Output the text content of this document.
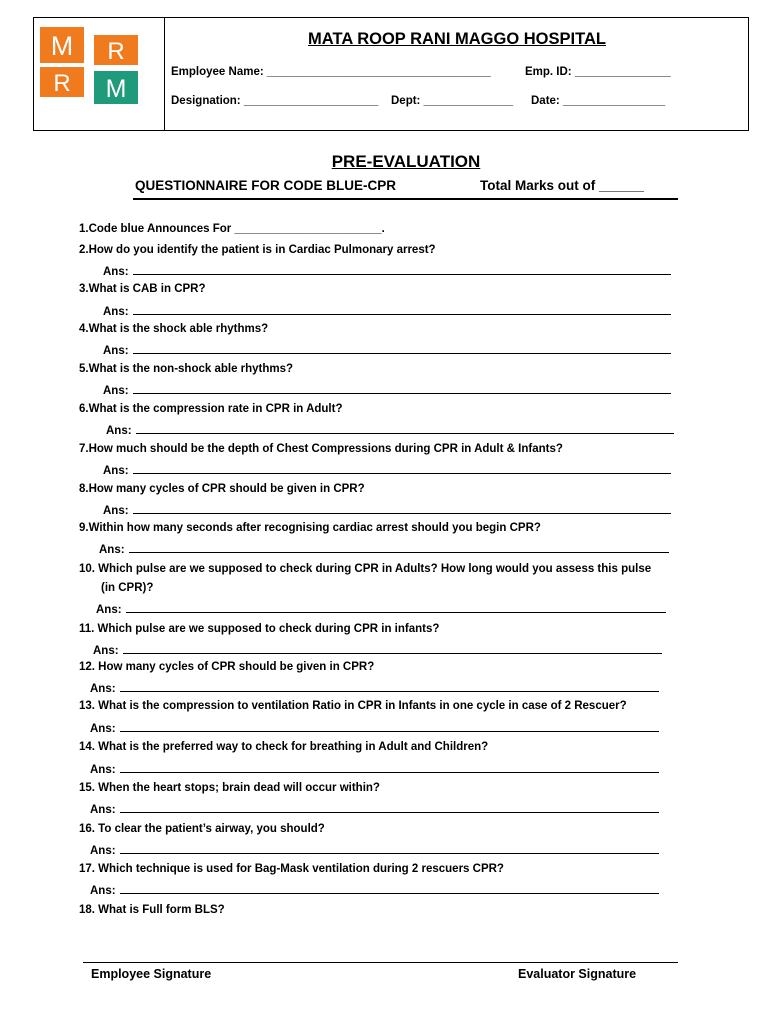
M R
R M
MATA ROOP RANI MAGGO HOSPITAL
Employee Name: ___________________________________	Emp. ID: _______________
Designation: _____________________ Dept: ______________ Date: ________________
PRE-EVALUATION
QUESTIONNAIRE FOR CODE BLUE-CPR	Total Marks out of ______
1.Code blue Announces For _______________________.
2.How do you identify the patient is in Cardiac Pulmonary arrest?
Ans:
3.What is CAB in CPR?
Ans:
4.What is the shock able rhythms?
Ans:
5.What is the non-shock able rhythms?
Ans:
6.What is the compression rate in CPR in Adult?
Ans:
7.How much should be the depth of Chest Compressions during CPR in Adult & Infants?
Ans:
8.How many cycles of CPR should be given in CPR?
Ans:
9.Within how many seconds after recognising cardiac arrest should you begin CPR?
Ans:
10. Which pulse are we supposed to check during CPR in Adults? How long would you assess this pulse
(in CPR)?
Ans:
11. Which pulse are we supposed to check during CPR in infants?
Ans:
12. How many cycles of CPR should be given in CPR?
Ans:
13. What is the compression to ventilation Ratio in CPR in Infants in one cycle in case of 2 Rescuer?
Ans:
14. What is the preferred way to check for breathing in Adult and Children?
Ans:
15. When the heart stops; brain dead will occur within?
Ans:
16. To clear the patient’s airway, you should?
Ans:
17. Which technique is used for Bag-Mask ventilation during 2 rescuers CPR?
Ans:
18. What is Full form BLS?
Employee Signature	Evaluator Signature
